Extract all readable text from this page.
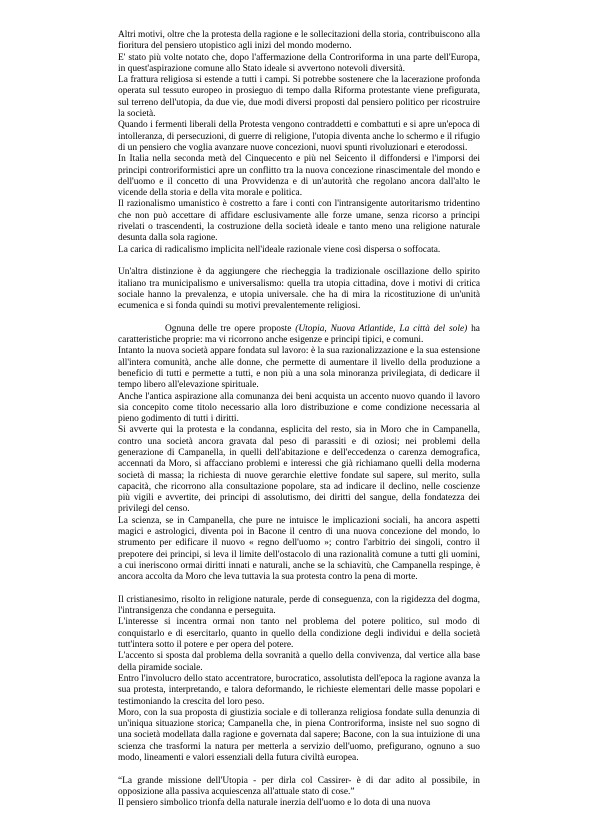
Altri motivi, oltre che la protesta della ragione e le sollecitazioni della storia, contribuiscono alla fioritura del pensiero utopistico agli inizi del mondo moderno.

E' stato più volte notato che, dopo l'affermazione della Controriforma in una parte dell'Europa, in quest'aspirazione comune allo Stato ideale si avvertono notevoli diversità.

La frattura religiosa si estende a tutti i campi. Si potrebbe sostenere che la lacerazione profonda operata sul tessuto europeo in prosieguo di tempo dalla Riforma protestante viene prefigurata, sul terreno dell'utopia, da due vie, due modi diversi proposti dal pensiero politico per ricostruire la società.

Quando i fermenti liberali della Protesta vengono contraddetti e combattuti e si apre un'epoca di intolleranza, di persecuzioni, di guerre di religione, l'utopia diventa anche lo schermo e il rifugio di un pensiero che voglia avanzare nuove concezioni, nuovi spunti rivoluzionari e eterodossi.

In Italia nella seconda metà del Cinquecento e più nel Seicento il diffondersi e l'imporsi dei principi controriformistici apre un conflitto tra la nuova concezione rinascimentale del mondo e dell'uomo e il concetto di una Provvidenza e di un'autorità che regolano ancora dall'alto le vicende della storia e della vita morale e politica.

Il razionalismo umanistico è costretto a fare i conti con l'intransigente autoritarismo tridentino che non può accettare di affidare esclusivamente alle forze umane, senza ricorso a principi rivelati o trascendenti, la costruzione della società ideale e tanto meno una religione naturale desunta dalla sola ragione.

La carica di radicalismo implicita nell'ideale razionale viene così dispersa o soffocata.

Un'altra distinzione è da aggiungere che riecheggia la tradizionale oscillazione dello spirito italiano tra municipalismo e universalismo: quella tra utopia cittadina, dove i motivi di critica sociale hanno la prevalenza, e utopia universale. che ha di mira la ricostituzione di un'unità ecumenica e si fonda quindi su motivi prevalentemente religiosi.

Ognuna delle tre opere proposte (Utopia, Nuova Atlantide, La città del sole) ha caratteristiche proprie: ma vi ricorrono anche esigenze e principi tipici, e comuni.

Intanto la nuova società appare fondata sul lavoro: è la sua razionalizzazione e la sua estensione all'intera comunità, anche alle donne, che permette di aumentare il livello della produzione a beneficio di tutti e permette a tutti, e non più a una sola minoranza privilegiata, di dedicare il tempo libero all'elevazione spirituale.

Anche l'antica aspirazione alla comunanza dei beni acquista un accento nuovo quando il lavoro sia concepito come titolo necessario alla loro distribuzione e come condizione necessaria al pieno godimento di tutti i diritti.

Si avverte qui la protesta e la condanna, esplicita del resto, sia in Moro che in Campanella, contro una società ancora gravata dal peso di parassiti e di oziosi; nei problemi della generazione di Campanella, in quelli dell'abitazione e dell'eccedenza o carenza demografica, accennati da Moro, si affacciano problemi e interessi che già richiamano quelli della moderna società di massa; la richiesta di nuove gerarchie elettive fondate sul sapere, sul merito, sulla capacità, che ricorrono alla consultazione popolare, sta ad indicare il declino, nelle coscienze più vigili e avvertite, dei principi di assolutismo, dei diritti del sangue, della fondatezza dei privilegi del censo.

La scienza, se in Campanella, che pure ne intuisce le implicazioni sociali, ha ancora aspetti magici e astrologici, diventa poi in Bacone il centro di una nuova concezione del mondo, lo strumento per edificare il nuovo « regno dell'uomo »; contro l'arbitrio dei singoli, contro il prepotere dei principi, si leva il limite dell'ostacolo di una razionalità comune a tutti gli uomini, a cui ineriscono ormai diritti innati e naturali, anche se la schiavitù, che Campanella respinge, è ancora accolta da Moro che leva tuttavia la sua protesta contro la pena di morte.

Il cristianesimo, risolto in religione naturale, perde di conseguenza, con la rigidezza del dogma, l'intransigenza che condanna e perseguita.

L'interesse si incentra ormai non tanto nel problema del potere politico, sul modo di conquistarlo e di esercitarlo, quanto in quello della condizione degli individui e della società tutt'intera sotto il potere e per opera del potere.

L'accento si sposta dal problema della sovranità a quello della convivenza, dal vertice alla base della piramide sociale.

Entro l'involucro dello stato accentratore, burocratico, assolutista dell'epoca la ragione avanza la sua protesta, interpretando, e talora deformando, le richieste elementari delle masse popolari e testimoniando la crescita del loro peso.

Moro, con la sua proposta di giustizia sociale e di tolleranza religiosa fondate sulla denunzia di un'iniqua situazione storica; Campanella che, in piena Controriforma, insiste nel suo sogno di una società modellata dalla ragione e governata dal sapere; Bacone, con la sua intuizione di una scienza che trasformi la natura per metterla a servizio dell'uomo, prefigurano, ognuno a suo modo, lineamenti e valori essenziali della futura civiltà europea.

“La grande missione dell'Utopia - per dirla col Cassirer- è di dar adito al possibile, in opposizione alla passiva acquiescenza all'attuale stato di cose.”

Il pensiero simbolico trionfa della naturale inerzia dell'uomo e lo dota di una nuova
